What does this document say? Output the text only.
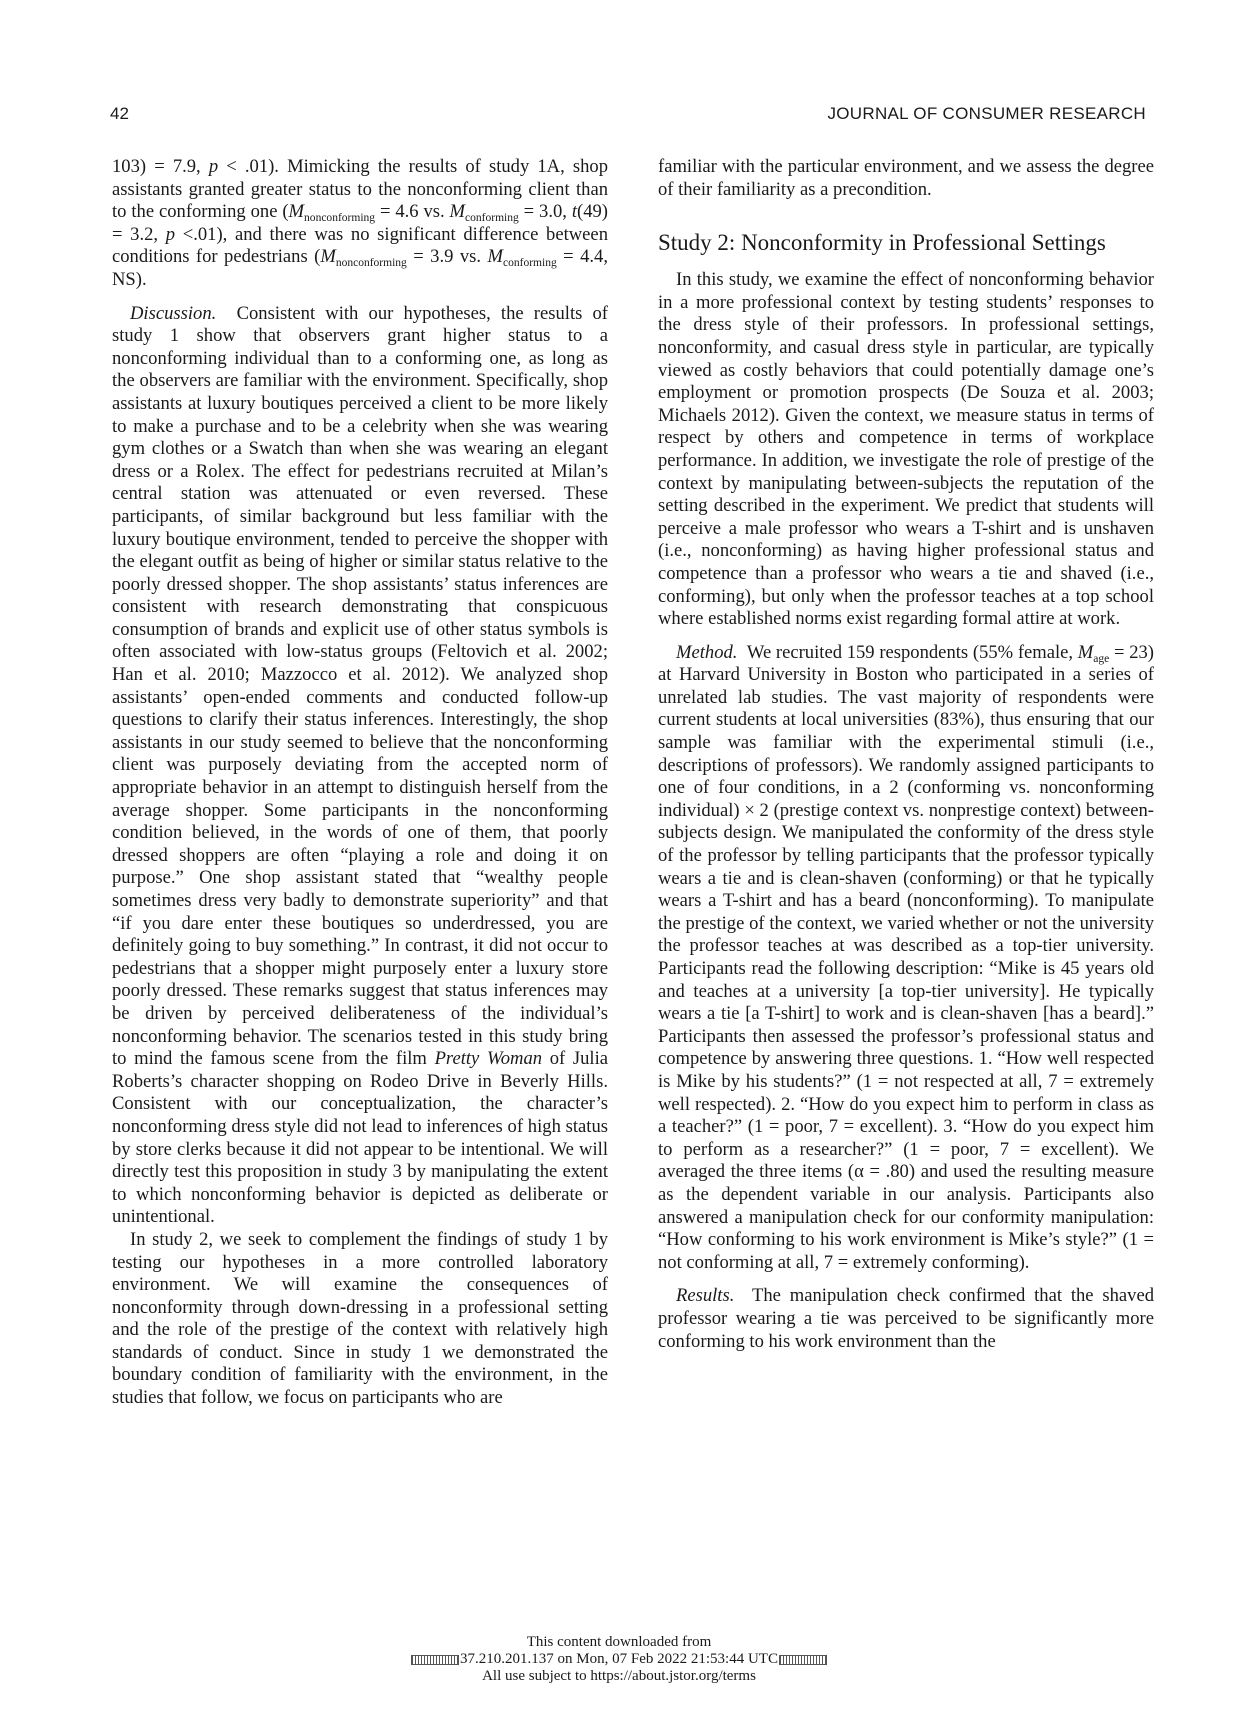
42	JOURNAL OF CONSUMER RESEARCH

103) = 7.9, p < .01). Mimicking the results of study 1A, shop assistants granted greater status to the nonconforming client than to the conforming one ($M_{nonconforming} = 4.6$ vs. $M_{conforming} = 3.0$, t(49) = 3.2, p <.01), and there was no significant difference between conditions for pedestrians ($M_{nonconforming} = 3.9$ vs. $M_{conforming} = 4.4$, NS).

Discussion. Consistent with our hypotheses, the results of study 1 show that observers grant higher status to a nonconforming individual than to a conforming one, as long as the observers are familiar with the environment. Specifically, shop assistants at luxury boutiques perceived a client to be more likely to make a purchase and to be a celebrity when she was wearing gym clothes or a Swatch than when she was wearing an elegant dress or a Rolex. The effect for pedestrians recruited at Milan’s central station was attenuated or even reversed. These participants, of similar background but less familiar with the luxury boutique environment, tended to perceive the shopper with the elegant outfit as being of higher or similar status relative to the poorly dressed shopper. The shop assistants’ status inferences are consistent with research demonstrating that conspicuous consumption of brands and explicit use of other status symbols is often associated with low-status groups (Feltovich et al. 2002; Han et al. 2010; Mazzocco et al. 2012). We analyzed shop assistants’ open-ended comments and conducted follow-up questions to clarify their status inferences. Interestingly, the shop assistants in our study seemed to believe that the nonconforming client was purposely deviating from the accepted norm of appropriate behavior in an attempt to distinguish herself from the average shopper. Some participants in the nonconforming condition believed, in the words of one of them, that poorly dressed shoppers are often “playing a role and doing it on purpose.” One shop assistant stated that “wealthy people sometimes dress very badly to demonstrate superiority” and that “if you dare enter these boutiques so underdressed, you are definitely going to buy something.” In contrast, it did not occur to pedestrians that a shopper might purposely enter a luxury store poorly dressed. These remarks suggest that status inferences may be driven by perceived deliberateness of the individual’s nonconforming behavior. The scenarios tested in this study bring to mind the famous scene from the film Pretty Woman of Julia Roberts’s character shopping on Rodeo Drive in Beverly Hills. Consistent with our conceptualization, the character’s nonconforming dress style did not lead to inferences of high status by store clerks because it did not appear to be intentional. We will directly test this proposition in study 3 by manipulating the extent to which nonconforming behavior is depicted as deliberate or unintentional.

In study 2, we seek to complement the findings of study 1 by testing our hypotheses in a more controlled laboratory environment. We will examine the consequences of nonconformity through down-dressing in a professional setting and the role of the prestige of the context with relatively high standards of conduct. Since in study 1 we demonstrated the boundary condition of familiarity with the environment, in the studies that follow, we focus on participants who are

familiar with the particular environment, and we assess the degree of their familiarity as a precondition.

Study 2: Nonconformity in Professional Settings

In this study, we examine the effect of nonconforming behavior in a more professional context by testing students’ responses to the dress style of their professors. In professional settings, nonconformity, and casual dress style in particular, are typically viewed as costly behaviors that could potentially damage one’s employment or promotion prospects (De Souza et al. 2003; Michaels 2012). Given the context, we measure status in terms of respect by others and competence in terms of workplace performance. In addition, we investigate the role of prestige of the context by manipulating between-subjects the reputation of the setting described in the experiment. We predict that students will perceive a male professor who wears a T-shirt and is unshaven (i.e., nonconforming) as having higher professional status and competence than a professor who wears a tie and shaved (i.e., conforming), but only when the professor teaches at a top school where established norms exist regarding formal attire at work.

Method. We recruited 159 respondents (55% female, $M_{age} = 23$) at Harvard University in Boston who participated in a series of unrelated lab studies. The vast majority of respondents were current students at local universities (83%), thus ensuring that our sample was familiar with the experimental stimuli (i.e., descriptions of professors). We randomly assigned participants to one of four conditions, in a 2 (conforming vs. nonconforming individual) × 2 (prestige context vs. nonprestige context) between-subjects design. We manipulated the conformity of the dress style of the professor by telling participants that the professor typically wears a tie and is clean-shaven (conforming) or that he typically wears a T-shirt and has a beard (nonconforming). To manipulate the prestige of the context, we varied whether or not the university the professor teaches at was described as a top-tier university. Participants read the following description: “Mike is 45 years old and teaches at a university [a top-tier university]. He typically wears a tie [a T-shirt] to work and is clean-shaven [has a beard].” Participants then assessed the professor’s professional status and competence by answering three questions. 1. “How well respected is Mike by his students?” (1 = not respected at all, 7 = extremely well respected). 2. “How do you expect him to perform in class as a teacher?” (1 = poor, 7 = excellent). 3. “How do you expect him to perform as a researcher?” (1 = poor, 7 = excellent). We averaged the three items (α = .80) and used the resulting measure as the dependent variable in our analysis. Participants also answered a manipulation check for our conformity manipulation: “How conforming to his work environment is Mike’s style?” (1 = not conforming at all, 7 = extremely conforming).

Results. The manipulation check confirmed that the shaved professor wearing a tie was perceived to be significantly more conforming to his work environment than the

This content downloaded from
37.210.201.137 on Mon, 07 Feb 2022 21:53:44 UTC
All use subject to https://about.jstor.org/terms
